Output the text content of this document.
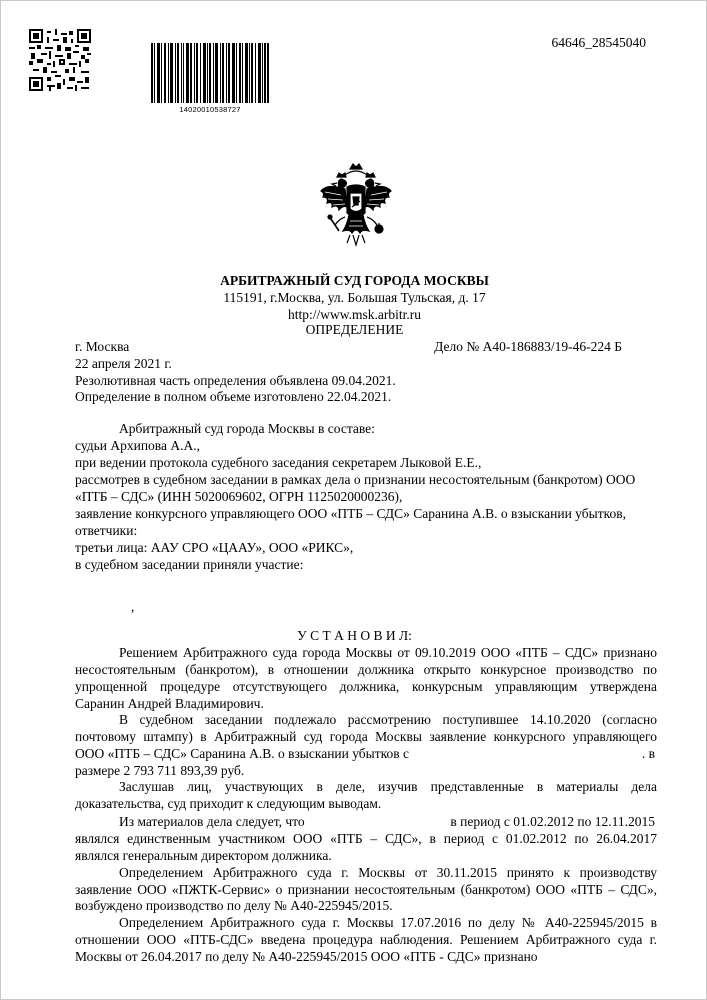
14020010538727
64646_28545040
АРБИТРАЖНЫЙ СУД ГОРОДА МОСКВЫ
115191, г.Москва, ул. Большая Тульская, д. 17
http://www.msk.arbitr.ru
ОПРЕДЕЛЕНИЕ
г. Москва	Дело № А40-186883/19-46-224 Б
22 апреля 2021 г.
Резолютивная часть определения объявлена 09.04.2021.
Определение в полном объеме изготовлено 22.04.2021.
Арбитражный суд города Москвы в составе:
судьи Архипова А.А.,
при ведении протокола судебного заседания секретарем Лыковой Е.Е.,
рассмотрев в судебном заседании в рамках дела о признании несостоятельным (банкротом) ООО
«ПТБ – СДС» (ИНН 5020069602, ОГРН 1125020000236),
заявление конкурсного управляющего ООО «ПТБ – СДС» Саранина А.В. о взыскании убытков,
ответчики:
третьи лица: ААУ СРО «ЦААУ», ООО «РИКС»,
в судебном заседании приняли участие:
,
У С Т А Н О В И Л:
Решением Арбитражного суда города Москвы от 09.10.2019 ООО «ПТБ – СДС» признано
несостоятельным (банкротом), в отношении должника открыто конкурсное производство по
упрощенной процедуре отсутствующего должника, конкурсным управляющим утверждена
Саранин Андрей Владимирович.
В судебном заседании подлежало рассмотрению поступившее 14.10.2020 (согласно
почтовому штампу) в Арбитражный суд города Москвы заявление конкурсного управляющего
ООО «ПТБ – СДС» Саранина А.В. о взыскании убытков с	. в
размере 2 793 711 893,39 руб.
Заслушав лиц, участвующих в деле, изучив представленные в материалы дела
доказательства, суд приходит к следующим выводам.
Из материалов дела следует, что	в период с 01.02.2012 по 12.11.2015
являлся единственным участником ООО «ПТБ – СДС», в период с 01.02.2012 по 26.04.2017
являлся генеральным директором должника.
Определением Арбитражного суда г. Москвы от 30.11.2015 принято к производству
заявление ООО «ПЖТК-Сервис» о признании несостоятельным (банкротом) ООО «ПТБ – СДС»,
возбуждено производство по делу № А40-225945/2015.
Определением Арбитражного суда г. Москвы 17.07.2016 по делу № А40-225945/2015 в
отношении ООО «ПТБ-СДС» введена процедура наблюдения. Решением Арбитражного суда г.
Москвы от 26.04.2017 по делу № А40-225945/2015 ООО «ПТБ - СДС» признано
